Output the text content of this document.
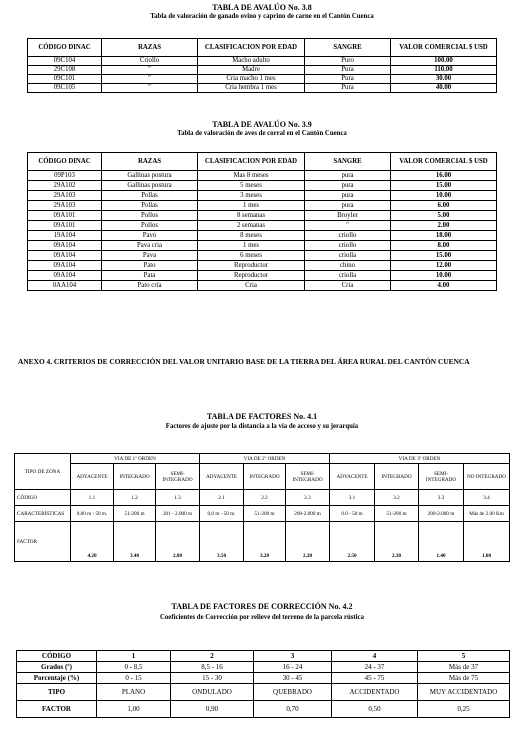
TABLA DE AVALÚO No. 3.8
Tabla de valoración de ganado ovino y caprino de carne en el Cantón Cuenca
CÓDIGO DINAC	RAZAS	CLASIFICACION POR EDAD	SANGRE	VALOR COMERCIAL $ USD
09C104	Criollo	Macho adulto	Puro	100.00
29C108	"	Madre	Pura	110.00
09C101	"	Cria macho 1 mes	Pura	30.00
09C105	"	Cria hembra 1 mes	Pura	40.00
TABLA DE AVALÚO No. 3.9
Tabla de valoración de aves de corral en el Cantón Cuenca
CÓDIGO DINAC	RAZAS	CLASIFICACION POR EDAD	SANGRE	VALOR COMERCIAL $ USD
09P103	Gallinas postura	Mas 8 meses	pura	16.00
29A102	Gallinas postura	5 meses	pura	15.00
29A103	Pollas	3 meses	pura	10.00
29A103	Pollas	1 mes	pura	6.00
09A101	Pollos	8 semanas	Broyler	5.00
09A101	Pollos	2 semanas	"	2.00
19A104	Pavo	8 meses	criollo	18.00
09A104	Pava cria	1 mes	criollo	8.00
09A104	Pava	6 meses	criolla	15.00
09A104	Pato	Reproductor	chino	12.00
09A104	Pata	Reproductor	criolla	10.00
0AA104	Pato cría	Cria	Cria	4.00
ANEXO 4. CRITERIOS DE CORRECCIÓN DEL VALOR UNITARIO BASE DE LA TIERRA DEL ÁREA RURAL DEL CANTÓN CUENCA
TABLA DE FACTORES No. 4.1
Factores de ajuste por la distancia a la vía de acceso y su jerarquía
TIPO DE ZONA	VIA DE 1º ORDEN			VIA DE 2º ORDEN			VIA DE 3º ORDEN			
	ADYACENTE	INTEGRADO	SEMI-INTEGRADO	ADYACENTE	INTEGRADO	SEMI-INTEGRADO	ADYACENTE	INTEGRADO	SEMI-INTEGRADO	NO INTEGRADO
CÓDIGO	1.1	1.2	1.3	2.1	2.2	2.3	3.1	3.2	3.3	3.4
CARACTERÍSTICAS	0,00 m - 50 m.	51-200 m	201 - 2.000 m	0,0 m - 50 m.	51-200 m	200-2.000 m	0.0 - 50 m	51-200 m	200-2.000 m	Más de 2.00 Km
FACTOR	4.20	3.40	2.80	3.50	3.20	2.20	2.50	2.30	1.40	1.00
TABLA DE FACTORES DE CORRECCIÓN No. 4.2
Coeficientes de Corrección por relieve del terreno de la parcela rústica
CÓDIGO	1	2	3	4	5
Grados (º)	0 - 8,5	8,5 - 16	16 - 24	24 - 37	Más de 37
Porcentaje (%)	0 - 15	15 - 30	30 - 45	45 - 75	Más de 75
TIPO	PLANO	ONDULADO	QUEBRADO	ACCIDENTADO	MUY ACCIDENTADO
FACTOR	1,00	0,90	0,70	0,50	0,25
